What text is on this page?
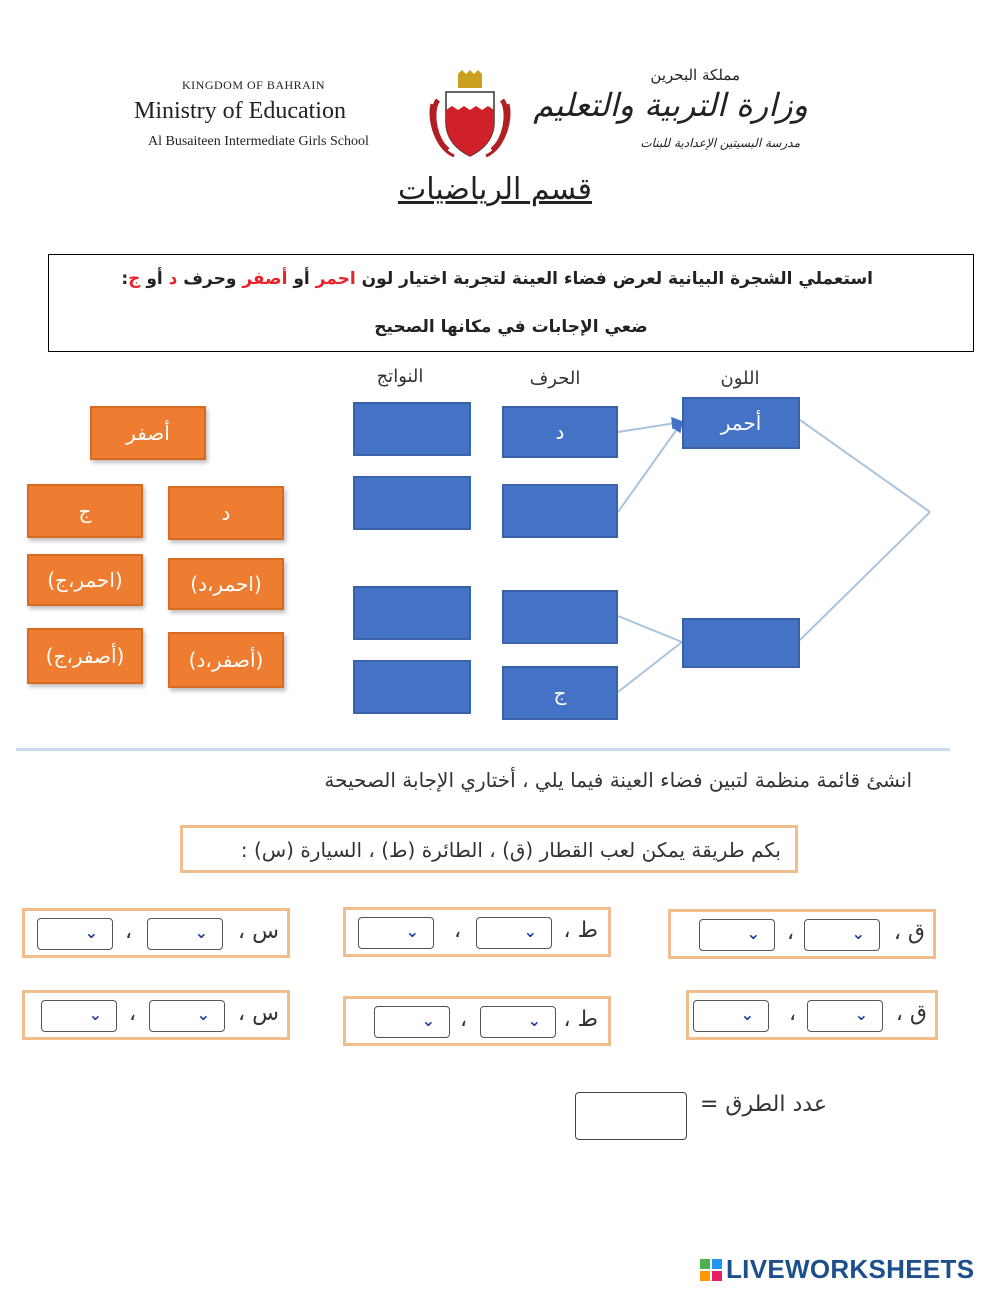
KINGDOM OF BAHRAIN
Ministry of Education
Al Busaiteen Intermediate Girls School
مملكة البحرين
وزارة التربية والتعليم
مدرسة البسيتين الإعدادية للبنات
قسم الرياضيات
استعملي الشجرة البيانية لعرض فضاء العينة لتجربة اختيار لون احمر أو أصفر وحرف د أو ج:
ضعي الإجابات في مكانها الصحيح
اللون
الحرف
النواتج
أحمر
د
ج
أصفر
ج	د
(احمر،ج)	(احمر،د)
(أصفر،ج)	(أصفر،د)
انشئ قائمة منظمة لتبين فضاء العينة فيما يلي ، أختاري الإجابة الصحيحة
بكم طريقة يمكن لعب القطار (ق) ، الطائرة (ط) ، السيارة (س) :
ق ،
⌄
،
⌄
ط ،
⌄
،
⌄
س ،
⌄
،
⌄
ق ،
⌄
،
⌄
ط ،
⌄
،
⌄
س ،
⌄
،
⌄
عدد الطرق =
LIVEWORKSHEETS
